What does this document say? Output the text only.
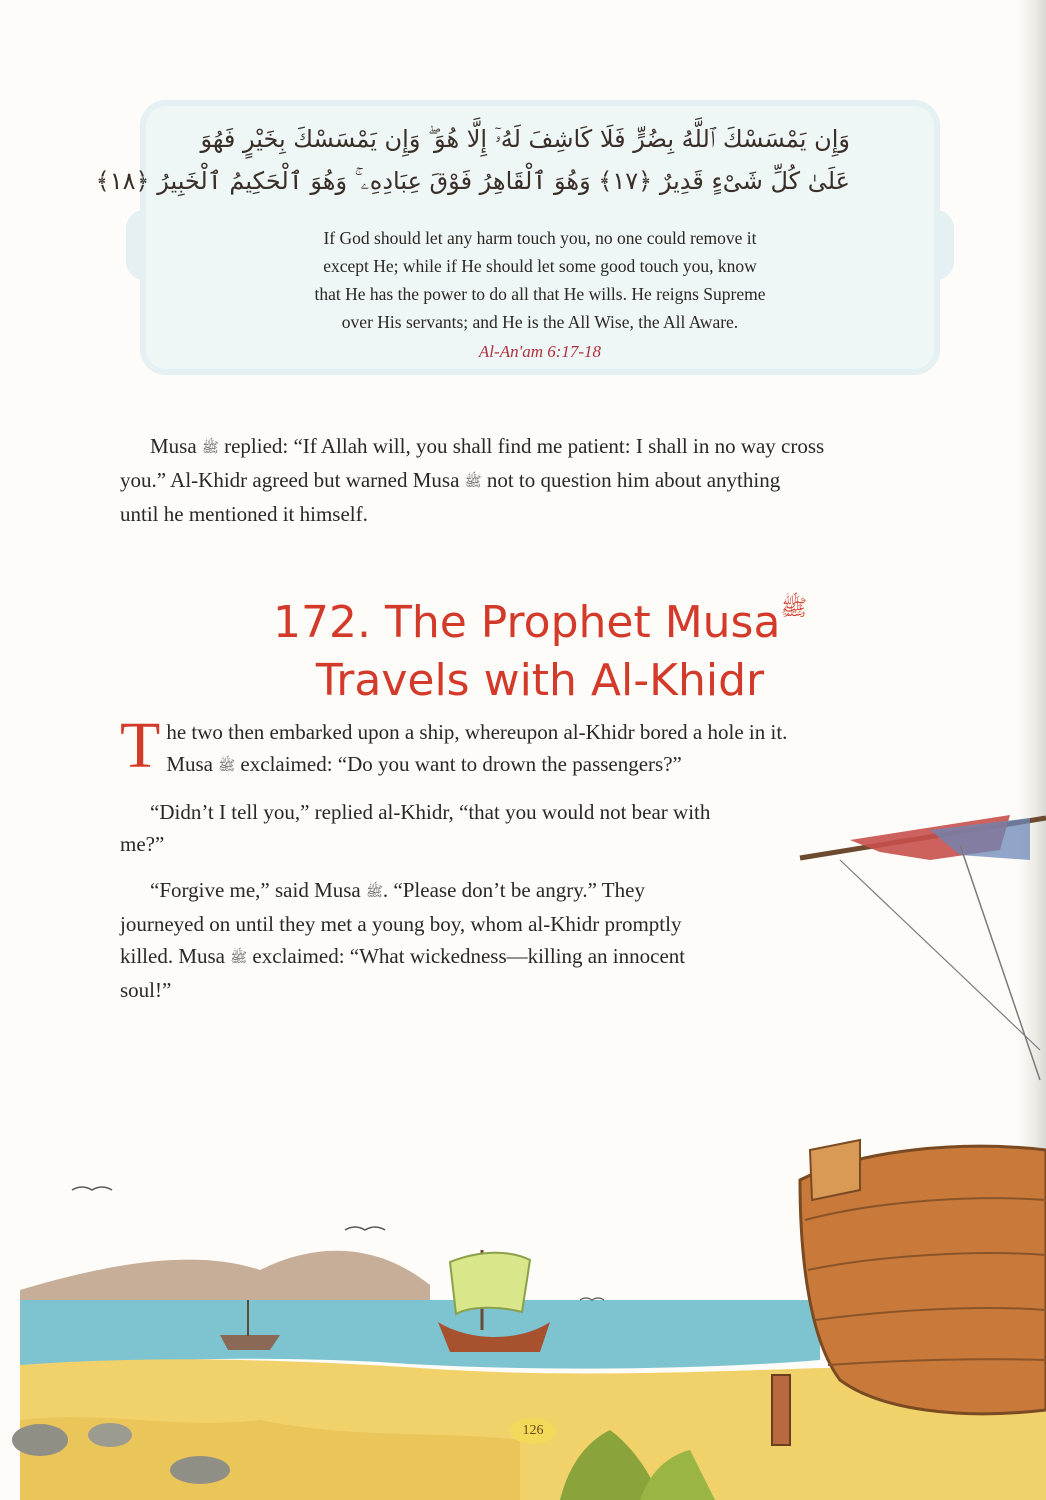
وَإِن يَمْسَسْكَ ٱللَّهُ بِضُرٍّ فَلَا كَاشِفَ لَهُۥٓ إِلَّا هُوَ ۖ وَإِن يَمْسَسْكَ بِخَيْرٍ فَهُوَ
عَلَىٰ كُلِّ شَىْءٍ قَدِيرٌ ﴿١٧﴾ وَهُوَ ٱلْقَاهِرُ فَوْقَ عِبَادِهِۦ ۚ وَهُوَ ٱلْحَكِيمُ ٱلْخَبِيرُ ﴿١٨﴾
If God should let any harm touch you, no one could remove it
except He; while if He should let some good touch you, know
that He has the power to do all that He wills. He reigns Supreme
over His servants; and He is the All Wise, the All Aware.
Al-An'am 6:17-18

Musa ﷺ replied: “If Allah will, you shall find me patient: I shall in no way cross

you.” Al-Khidr agreed but warned Musa ﷺ not to question him about anything

until he mentioned it himself.

172. The Prophet Musa$^ﷺ$
Travels with Al-Khidr
T he two then embarked upon a ship, whereupon al-Khidr bored a hole in it.
Musa ﷺ exclaimed: “Do you want to drown the passengers?”

“Didn’t I tell you,” replied al-Khidr, “that you would not bear with

me?”

“Forgive me,” said Musa ﷺ. “Please don’t be angry.” They

journeyed on until they met a young boy, whom al-Khidr promptly

killed. Musa ﷺ exclaimed: “What wickedness—killing an innocent

soul!”

126
